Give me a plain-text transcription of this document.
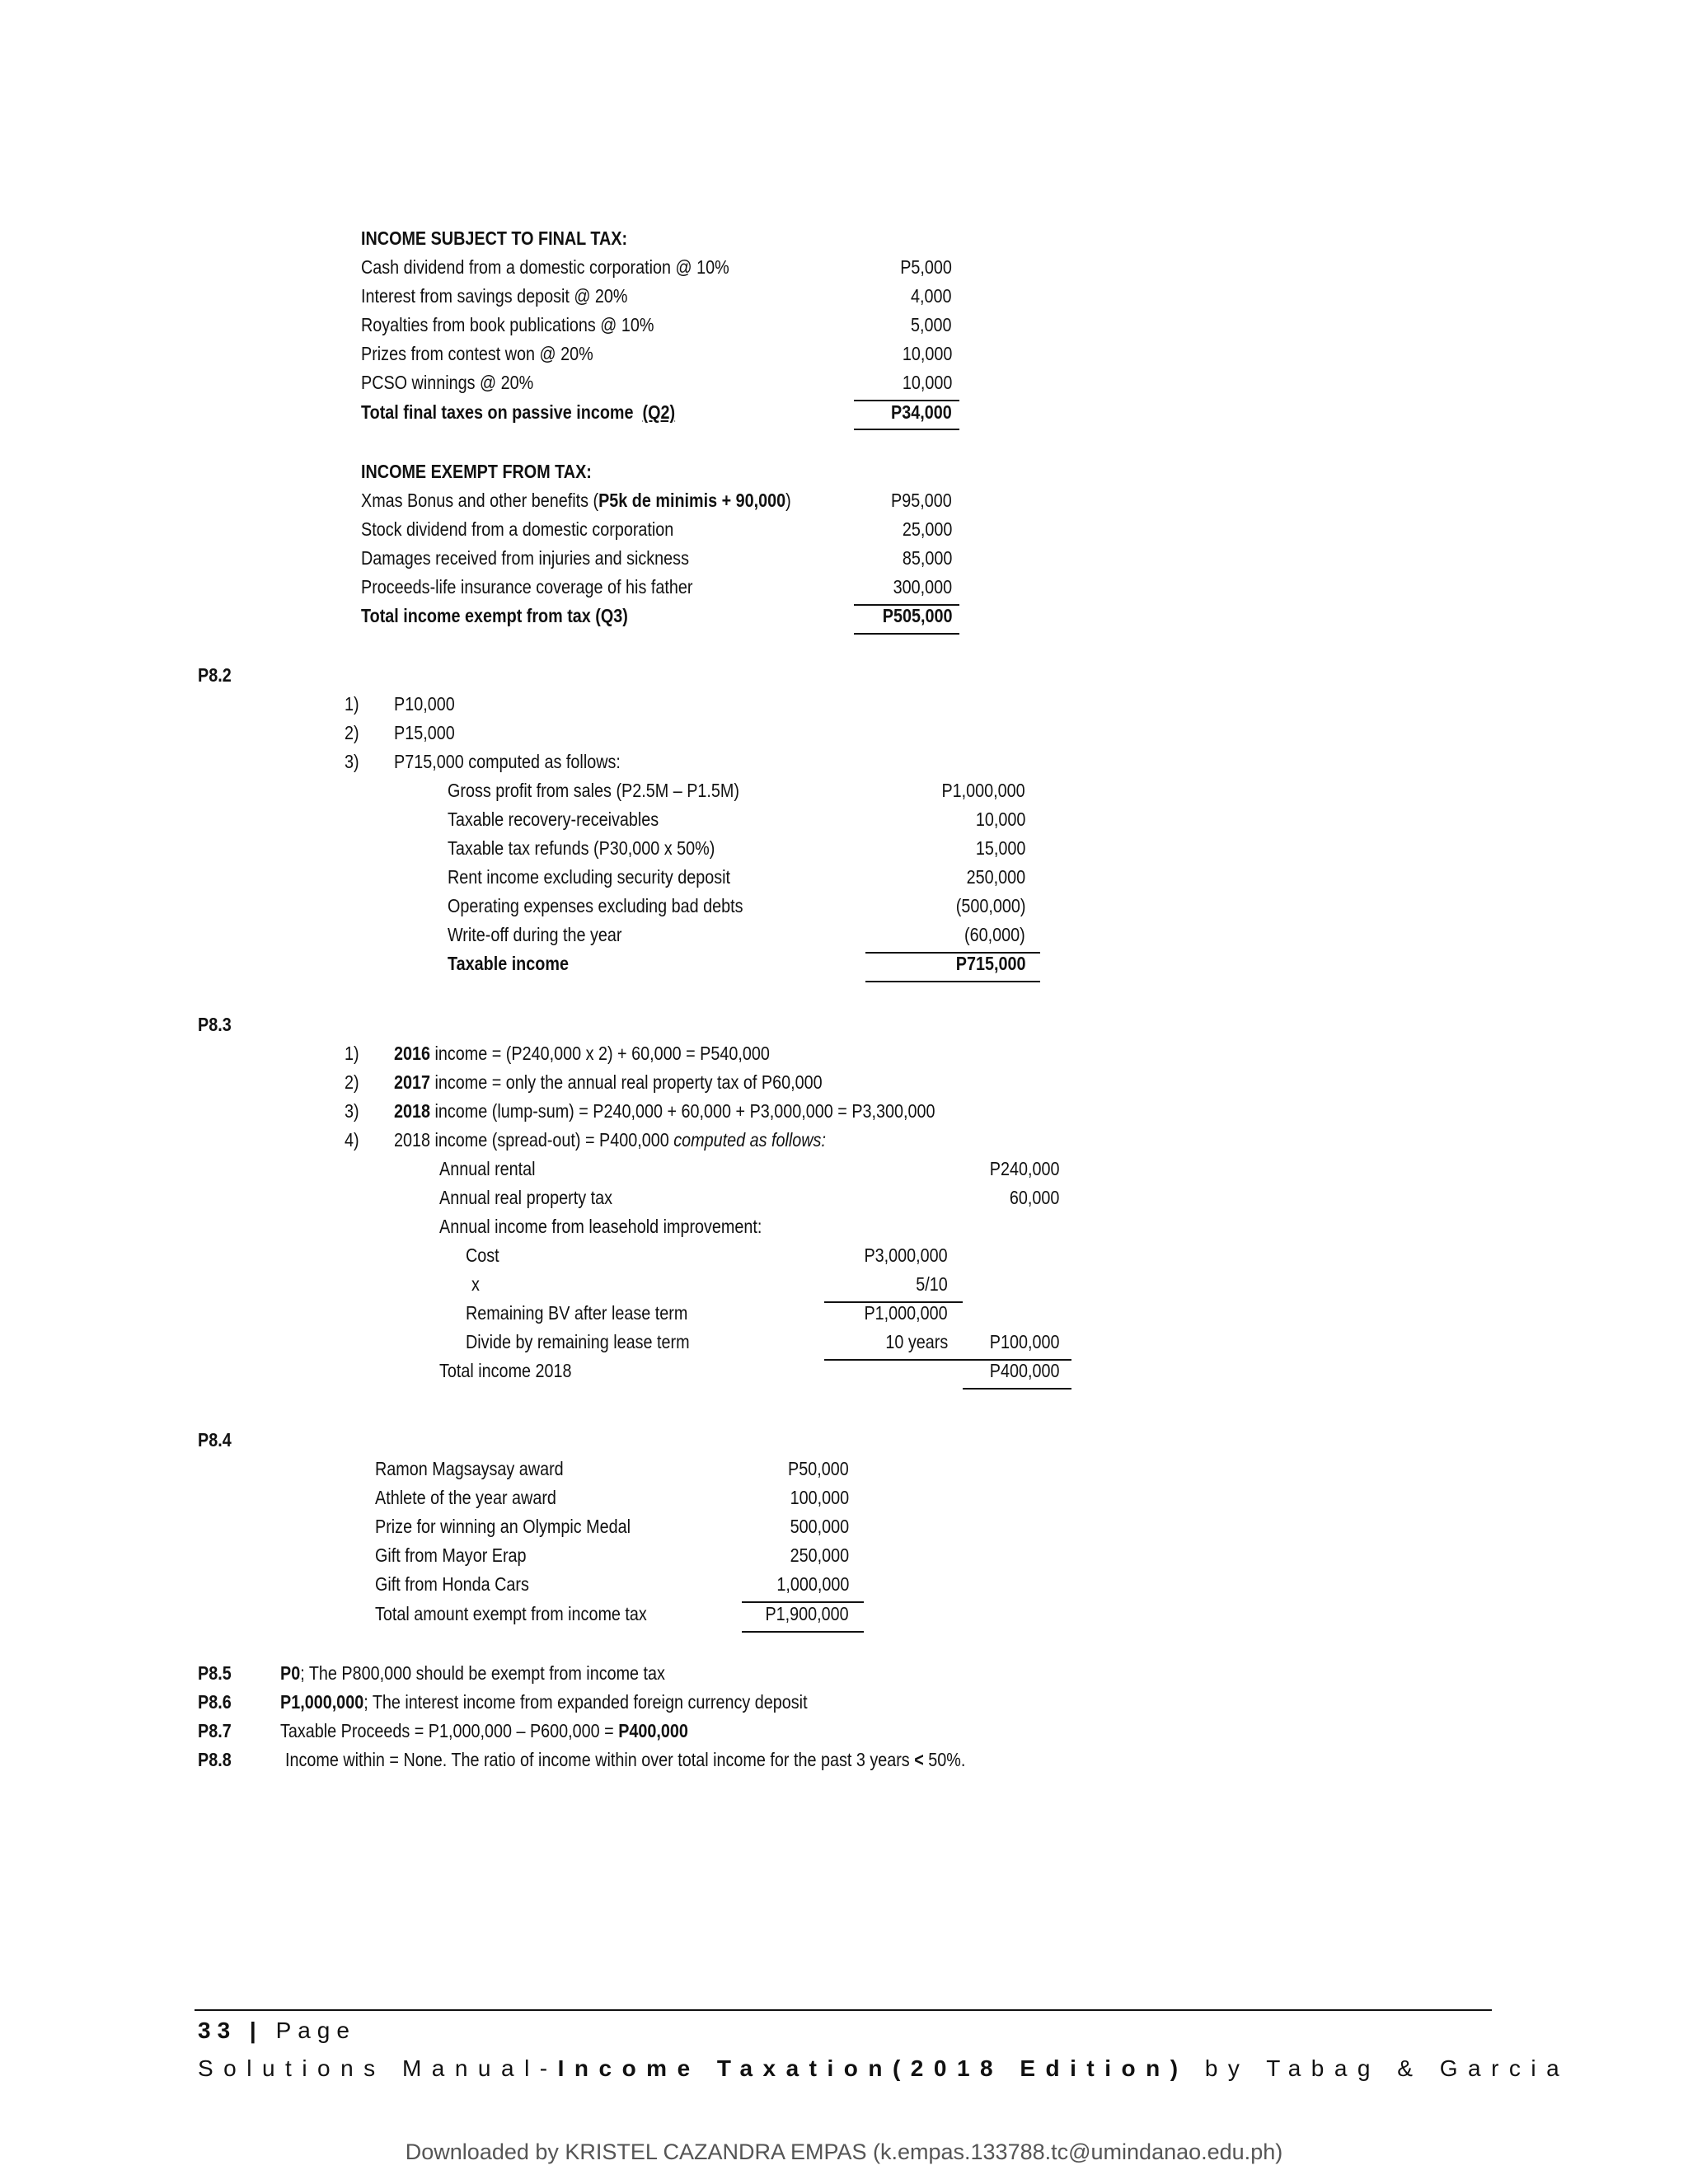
INCOME SUBJECT TO FINAL TAX:
Cash dividend from a domestic corporation @ 10%	P5,000
Interest from savings deposit @ 20%	4,000
Royalties from book publications @ 10%	5,000
Prizes from contest won @ 20%	10,000
PCSO winnings @ 20%	10,000
Total final taxes on passive income (Q2)	P34,000
INCOME EXEMPT FROM TAX:
Xmas Bonus and other benefits (P5k de minimis + 90,000)	P95,000
Stock dividend from a domestic corporation	25,000
Damages received from injuries and sickness	85,000
Proceeds-life insurance coverage of his father	300,000
Total income exempt from tax (Q3)	P505,000
P8.2
1) P10,000
2) P15,000
3) P715,000 computed as follows:
Gross profit from sales (P2.5M – P1.5M)	P1,000,000
Taxable recovery-receivables	10,000
Taxable tax refunds (P30,000 x 50%)	15,000
Rent income excluding security deposit	250,000
Operating expenses excluding bad debts	(500,000)
Write-off during the year	(60,000)
Taxable income	P715,000
P8.3
1) 2016 income = (P240,000 x 2) + 60,000 = P540,000
2) 2017 income = only the annual real property tax of P60,000
3) 2018 income (lump-sum) = P240,000 + 60,000 + P3,000,000 = P3,300,000
4) 2018 income (spread-out) = P400,000 computed as follows:
Annual rental	P240,000
Annual real property tax	60,000
Annual income from leasehold improvement:
Cost	P3,000,000
x	5/10
Remaining BV after lease term	P1,000,000
Divide by remaining lease term	10 years P100,000
Total income 2018	P400,000
P8.4
Ramon Magsaysay award	P50,000
Athlete of the year award	100,000
Prize for winning an Olympic Medal	500,000
Gift from Mayor Erap	250,000
Gift from Honda Cars	1,000,000
Total amount exempt from income tax	P1,900,000
P8.5	P0; The P800,000 should be exempt from income tax
P8.6	P1,000,000; The interest income from expanded foreign currency deposit
P8.7	Taxable Proceeds = P1,000,000 – P600,000 = P400,000
P8.8	Income within = None. The ratio of income within over total income for the past 3 years < 50%.
33 | Page
Solutions Manual-Income Taxation(2018 Edition) by Tabag & Garcia
Downloaded by KRISTEL CAZANDRA EMPAS (k.empas.133788.tc@umindanao.edu.ph)
